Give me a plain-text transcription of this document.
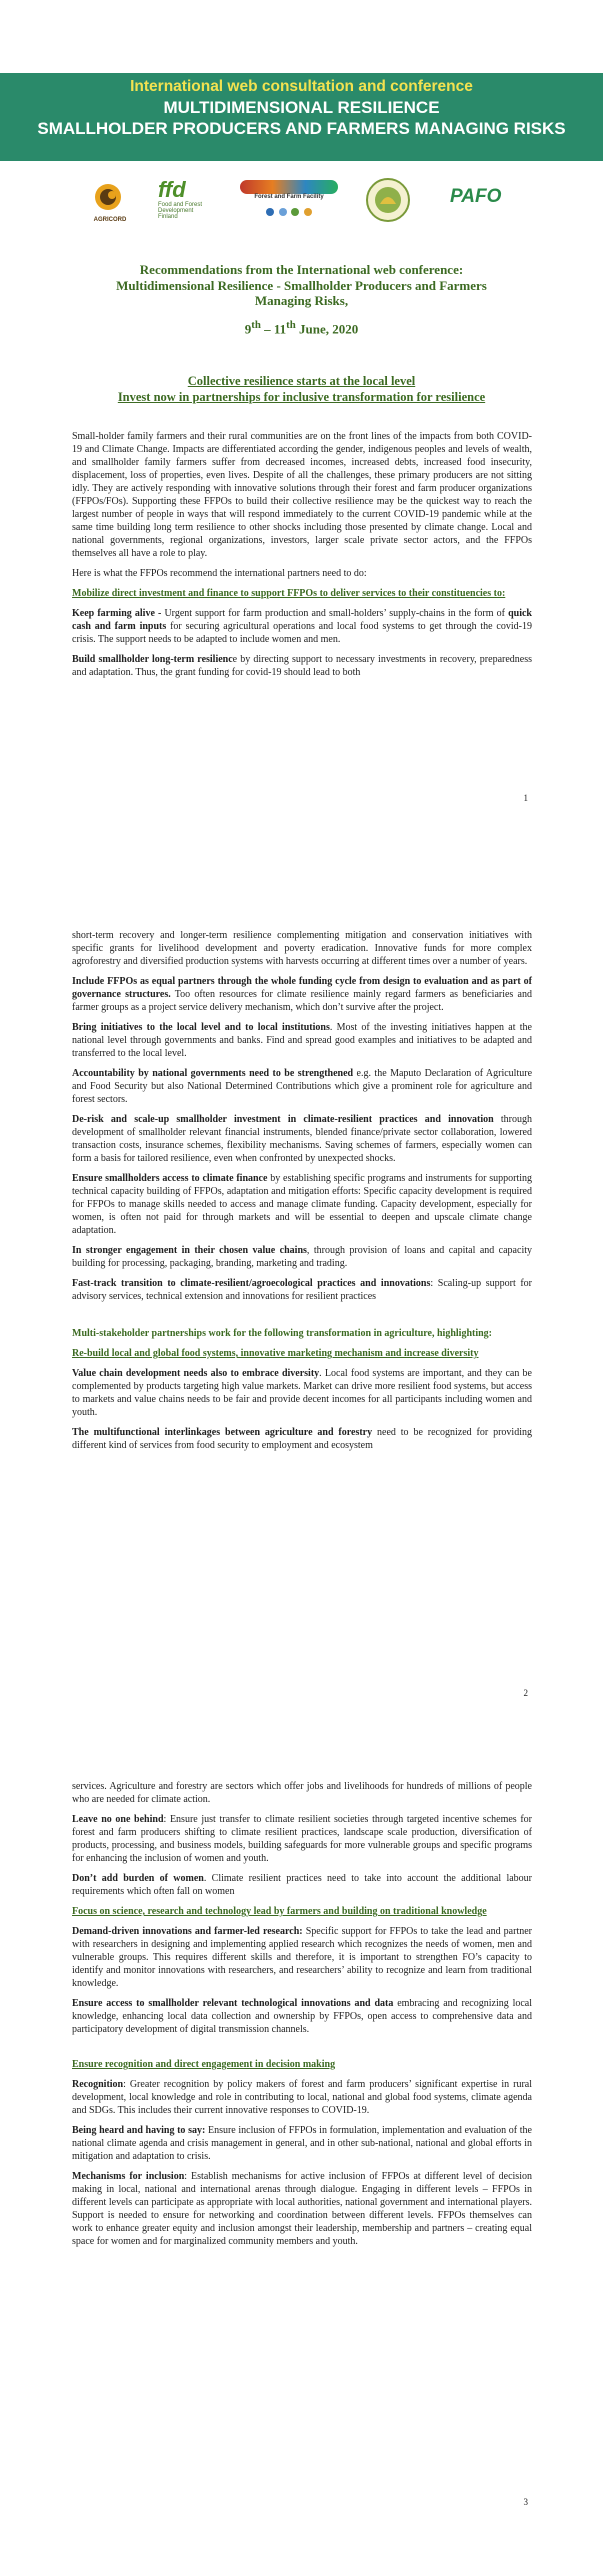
International web consultation and conference
MULTIDIMENSIONAL RESILIENCE
SMALLHOLDER PRODUCERS AND FARMERS MANAGING RISKS
AGRICORD
ffd
Food and Forest Development Finland
Forest and Farm Facility
	PAFO
Recommendations from the International web conference:
Multidimensional Resilience - Smallholder Producers and Farmers
Managing Risks,
9th – 11th June, 2020
Collective resilience starts at the local level
Invest now in partnerships for inclusive transformation for resilience

Small-holder family farmers and their rural communities are on the front lines of the impacts from both COVID-19 and Climate Change. Impacts are differentiated according the gender, indigenous peoples and levels of wealth, and smallholder family farmers suffer from decreased incomes, increased debts, increased food insecurity, displacement, loss of properties, even lives. Despite of all the challenges, these primary producers are not sitting idly. They are actively responding with innovative solutions through their forest and farm producer organizations (FFPOs/FOs). Supporting these FFPOs to build their collective resilience may be the quickest way to reach the largest number of people in ways that will respond immediately to the current COVID-19 pandemic while at the same time building long term resilience to other shocks including those presented by climate change. Local and national governments, regional organizations, investors, larger scale private sector actors, and the FFPOs themselves all have a role to play.

Here is what the FFPOs recommend the international partners need to do:

Mobilize direct investment and finance to support FFPOs to deliver services to their constituencies to:

Keep farming alive - Urgent support for farm production and small-holders’ supply-chains in the form of quick cash and farm inputs for securing agricultural operations and local food systems to get through the covid-19 crisis. The support needs to be adapted to include women and men.

Build smallholder long-term resilience by directing support to necessary investments in recovery, preparedness and adaptation. Thus, the grant funding for covid-19 should lead to both

1

short-term recovery and longer-term resilience complementing mitigation and conservation initiatives with specific grants for livelihood development and poverty eradication. Innovative funds for more complex agroforestry and diversified production systems with harvests occurring at different times over a number of years.

Include FFPOs as equal partners through the whole funding cycle from design to evaluation and as part of governance structures. Too often resources for climate resilience mainly regard farmers as beneficiaries and farmer groups as a project service delivery mechanism, which don’t survive after the project.

Bring initiatives to the local level and to local institutions. Most of the investing initiatives happen at the national level through governments and banks. Find and spread good examples and initiatives to be adapted and transferred to the local level.

Accountability by national governments need to be strengthened e.g. the Maputo Declaration of Agriculture and Food Security but also National Determined Contributions which give a prominent role for agriculture and forest sectors.

De-risk and scale-up smallholder investment in climate-resilient practices and innovation through development of smallholder relevant financial instruments, blended finance/private sector collaboration, lowered transaction costs, insurance schemes, flexibility mechanisms. Saving schemes of farmers, especially women can form a basis for tailored resilience, even when confronted by unexpected shocks.

Ensure smallholders access to climate finance by establishing specific programs and instruments for supporting technical capacity building of FFPOs, adaptation and mitigation efforts: Specific capacity development is required for FFPOs to manage skills needed to access and manage climate funding. Capacity development, especially for women, is often not paid for through markets and will be essential to deepen and upscale climate change adaptation.

In stronger engagement in their chosen value chains, through provision of loans and capital and capacity building for processing, packaging, branding, marketing and trading.

Fast-track transition to climate-resilient/agroecological practices and innovations: Scaling-up support for advisory services, technical extension and innovations for resilient practices

Multi-stakeholder partnerships work for the following transformation in agriculture, highlighting:

Re-build local and global food systems, innovative marketing mechanism and increase diversity

Value chain development needs also to embrace diversity. Local food systems are important, and they can be complemented by products targeting high value markets. Market can drive more resilient food systems, but access to markets and value chains needs to be fair and provide decent incomes for all participants including women and youth.

The multifunctional interlinkages between agriculture and forestry need to be recognized for providing different kind of services from food security to employment and ecosystem

2

services. Agriculture and forestry are sectors which offer jobs and livelihoods for hundreds of millions of people who are needed for climate action.

Leave no one behind: Ensure just transfer to climate resilient societies through targeted incentive schemes for forest and farm producers shifting to climate resilient practices, landscape scale production, diversification of products, processing, and business models, building safeguards for more vulnerable groups and specific programs for enhancing the inclusion of women and youth.

Don’t add burden of women. Climate resilient practices need to take into account the additional labour requirements which often fall on women

Focus on science, research and technology lead by farmers and building on traditional knowledge

Demand-driven innovations and farmer-led research: Specific support for FFPOs to take the lead and partner with researchers in designing and implementing applied research which recognizes the needs of women, men and vulnerable groups. This requires different skills and therefore, it is important to strengthen FO’s capacity to identify and monitor innovations with researchers, and researchers’ ability to recognize and learn from traditional knowledge.

Ensure access to smallholder relevant technological innovations and data embracing and recognizing local knowledge, enhancing local data collection and ownership by FFPOs, open access to comprehensive data and participatory development of digital transmission channels.

Ensure recognition and direct engagement in decision making

Recognition: Greater recognition by policy makers of forest and farm producers’ significant expertise in rural development, local knowledge and role in contributing to local, national and global food systems, climate agenda and SDGs. This includes their current innovative responses to COVID-19.

Being heard and having to say: Ensure inclusion of FFPOs in formulation, implementation and evaluation of the national climate agenda and crisis management in general, and in other sub-national, national and global efforts in mitigation and adaptation to crisis.

Mechanisms for inclusion: Establish mechanisms for active inclusion of FFPOs at different level of decision making in local, national and international arenas through dialogue. Engaging in different levels – FFPOs in different levels can participate as appropriate with local authorities, national government and international players. Support is needed to ensure for networking and coordination between different levels. FFPOs themselves can work to enhance greater equity and inclusion amongst their leadership, membership and partners – creating equal space for women and for marginalized community members and youth.

3
